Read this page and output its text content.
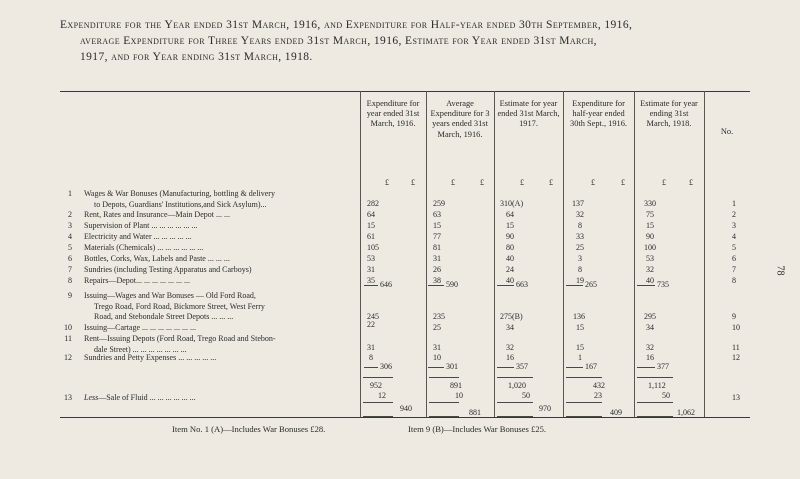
Expenditure for the Year ended 31st March, 1916, and Expenditure for Half-year ended 30th September, 1916,
average Expenditure for Three Years ended 31st March, 1916, Estimate for Year ended 31st March,
1917, and for Year ending 31st March, 1918.
78
Expenditure for year ended 31st March, 1916.
Average Expenditure for 3 years ended 31st March, 1916.
Estimate for year ended 31st March, 1917.
Expenditure for half-year ended 30th Sept., 1916.
Estimate for year ending 31st March, 1918.
No.
£	£	£	£	£	£	£	£	£	£
1 Wages & War Bonuses (Manufacturing, bottling & delivery
to Depots, Guardians' Institutions,and Sick Asylum)...	282	259	310(A)	137	330	1
2 Rent, Rates and Insurance—Main Depot ... ...	64	63	64	32	75	2
3 Supervision of Plant ... ... ... ... ... ...	15	15	15	8	15	3
4 Electricity and Water ... ... ... ... ...	61	77	90	33	90	4
5 Materials (Chemicals) ... ... ... ... ... ...	105	81	80	25	100	5
6 Bottles, Corks, Wax, Labels and Paste ... ... ...	53	31	40	3	53	6
7 Sundries (including Testing Apparatus and Carboys)	31	26	24	8	32	7
8 Repairs—Depot... ... ... ... ... ... ...	35	38	40	19	40	8
646	590	663	265	735
9 Issuing—Wages and War Bonuses — Old Ford Road,
Trego Road, Ford Road, Bickmore Street, West Ferry
Road, and Stebondale Street Depots ... ... ...	245	235	275(B)	136	295	9
10 Issuing—Cartage ... ... ... ... ... ... ...	22	25	34	15	34	10
11 Rent—Issuing Depots (Ford Road, Trego Road and Stebon-
dale Street) ... ... ... ... ... ... ...	31	31	32	15	32	11
12 Sundries and Petty Expenses ... ... ... ... ...	8	10	16	1	16	12
306	301	357	167	377
952	891	1,020	432	1,112
13 Less—Sale of Fluid ... ... ... ... ... ...	12	10	50	23	50	13
940	881	970	409	1,062
Item No. 1 (A)—Includes War Bonuses £28.	Item 9 (B)—Includes War Bonuses £25.
